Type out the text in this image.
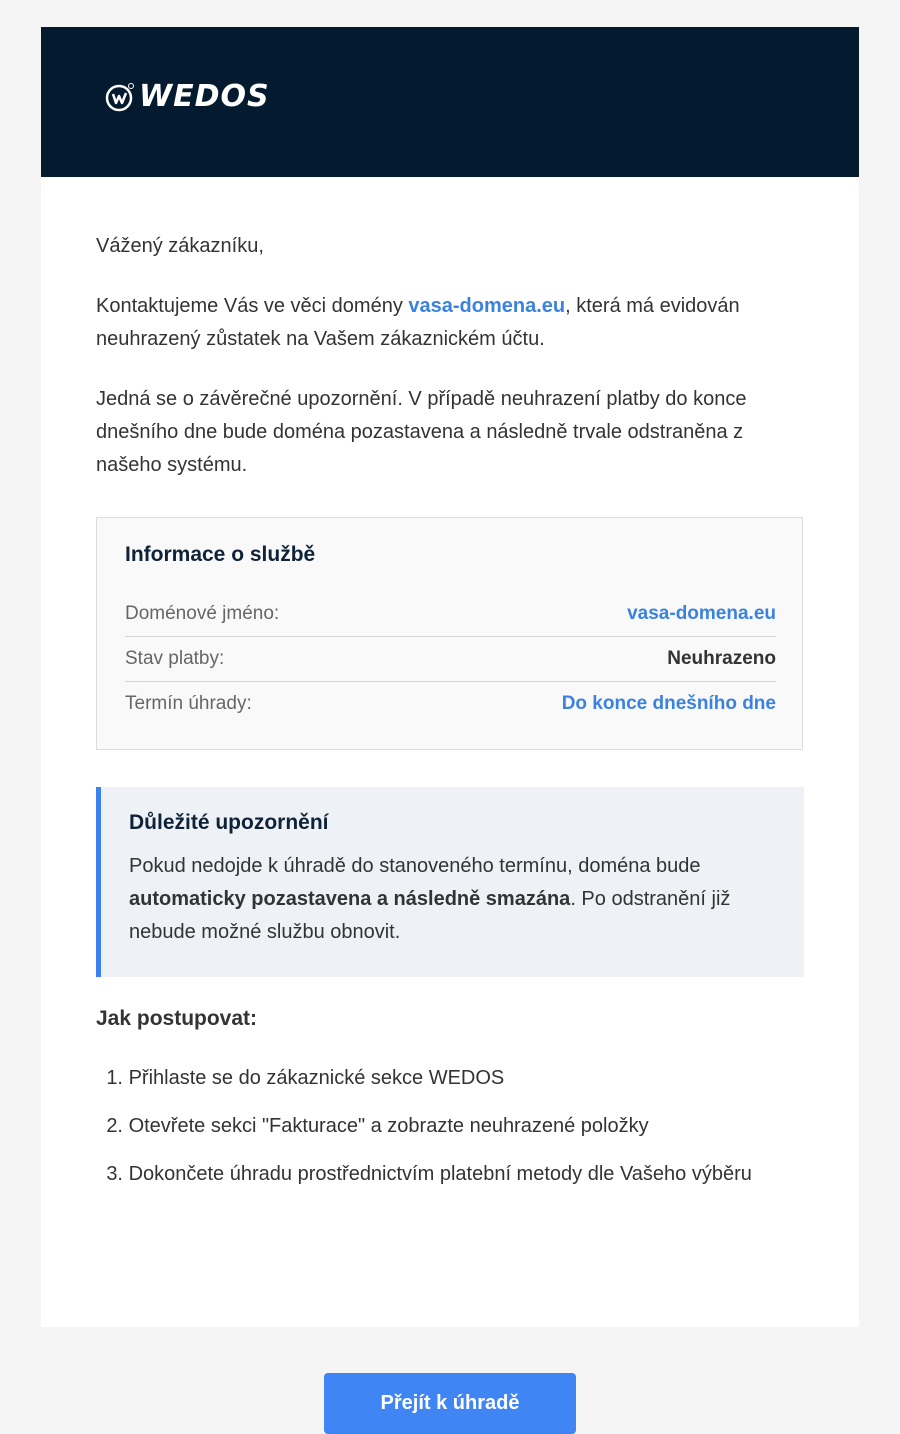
WEDOS

Vážený zákazníku,

Kontaktujeme Vás ve věci domény vasa-domena.eu, která má evidován neuhrazený zůstatek na Vašem zákaznickém účtu.

Jedná se o závěrečné upozornění. V případě neuhrazení platby do konce dnešního dne bude doména pozastavena a následně trvale odstraněna z našeho systému.

Informace o službě
Doménové jméno:	vasa-domena.eu
Stav platby:	Neuhrazeno
Termín úhrady:	Do konce dnešního dne
Důležité upozornění

Pokud nedojde k úhradě do stanoveného termínu, doména bude automaticky pozastavena a následně smazána. Po odstranění již nebude možné službu obnovit.

Jak postupovat:
1.
Přihlaste se do zákaznické sekce WEDOS
2.
Otevřete sekci "Fakturace" a zobrazte neuhrazené položky
3.
Dokončete úhradu prostřednictvím platební metody dle Vašeho výběru
Přejít k úhradě
